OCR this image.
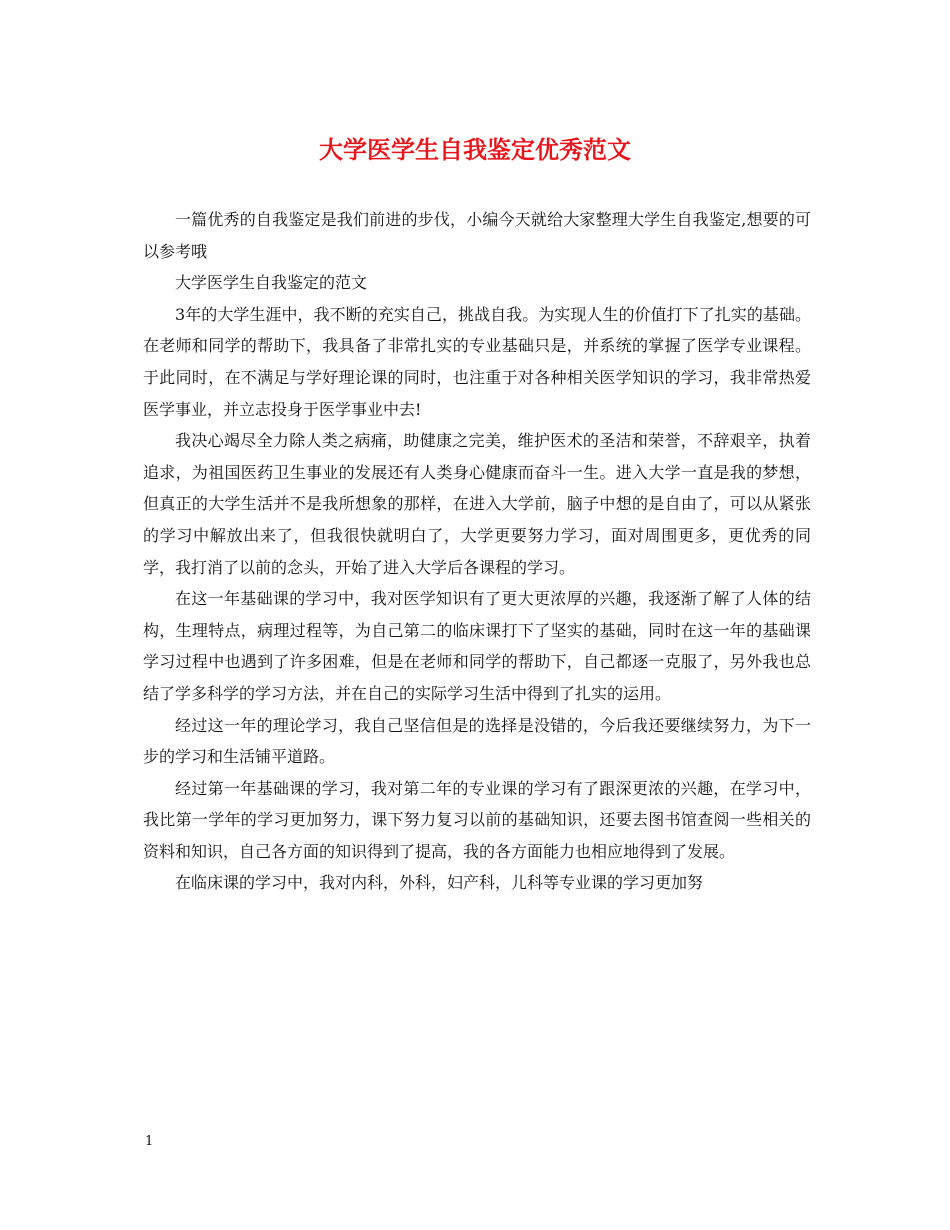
大学医学生自我鉴定优秀范文

一篇优秀的自我鉴定是我们前进的步伐，小编今天就给大家整理大学生自我鉴定,想要的可以参考哦

大学医学生自我鉴定的范文

3年的大学生涯中，我不断的充实自己，挑战自我。为实现人生的价值打下了扎实的基础。在老师和同学的帮助下，我具备了非常扎实的专业基础只是，并系统的掌握了医学专业课程。于此同时，在不满足与学好理论课的同时，也注重于对各种相关医学知识的学习，我非常热爱医学事业，并立志投身于医学事业中去!

我决心竭尽全力除人类之病痛，助健康之完美，维护医术的圣洁和荣誉，不辞艰辛，执着追求，为祖国医药卫生事业的发展还有人类身心健康而奋斗一生。进入大学一直是我的梦想，但真正的大学生活并不是我所想象的那样，在进入大学前，脑子中想的是自由了，可以从紧张的学习中解放出来了，但我很快就明白了，大学更要努力学习，面对周围更多，更优秀的同学，我打消了以前的念头，开始了进入大学后各课程的学习。

在这一年基础课的学习中，我对医学知识有了更大更浓厚的兴趣，我逐渐了解了人体的结构，生理特点，病理过程等，为自己第二的临床课打下了坚实的基础，同时在这一年的基础课学习过程中也遇到了许多困难，但是在老师和同学的帮助下，自己都逐一克服了，另外我也总结了学多科学的学习方法，并在自己的实际学习生活中得到了扎实的运用。

经过这一年的理论学习，我自己坚信但是的选择是没错的，今后我还要继续努力，为下一步的学习和生活铺平道路。

经过第一年基础课的学习，我对第二年的专业课的学习有了跟深更浓的兴趣，在学习中，我比第一学年的学习更加努力，课下努力复习以前的基础知识，还要去图书馆查阅一些相关的资料和知识，自己各方面的知识得到了提高，我的各方面能力也相应地得到了发展。

在临床课的学习中，我对内科，外科，妇产科，儿科等专业课的学习更加努

1
